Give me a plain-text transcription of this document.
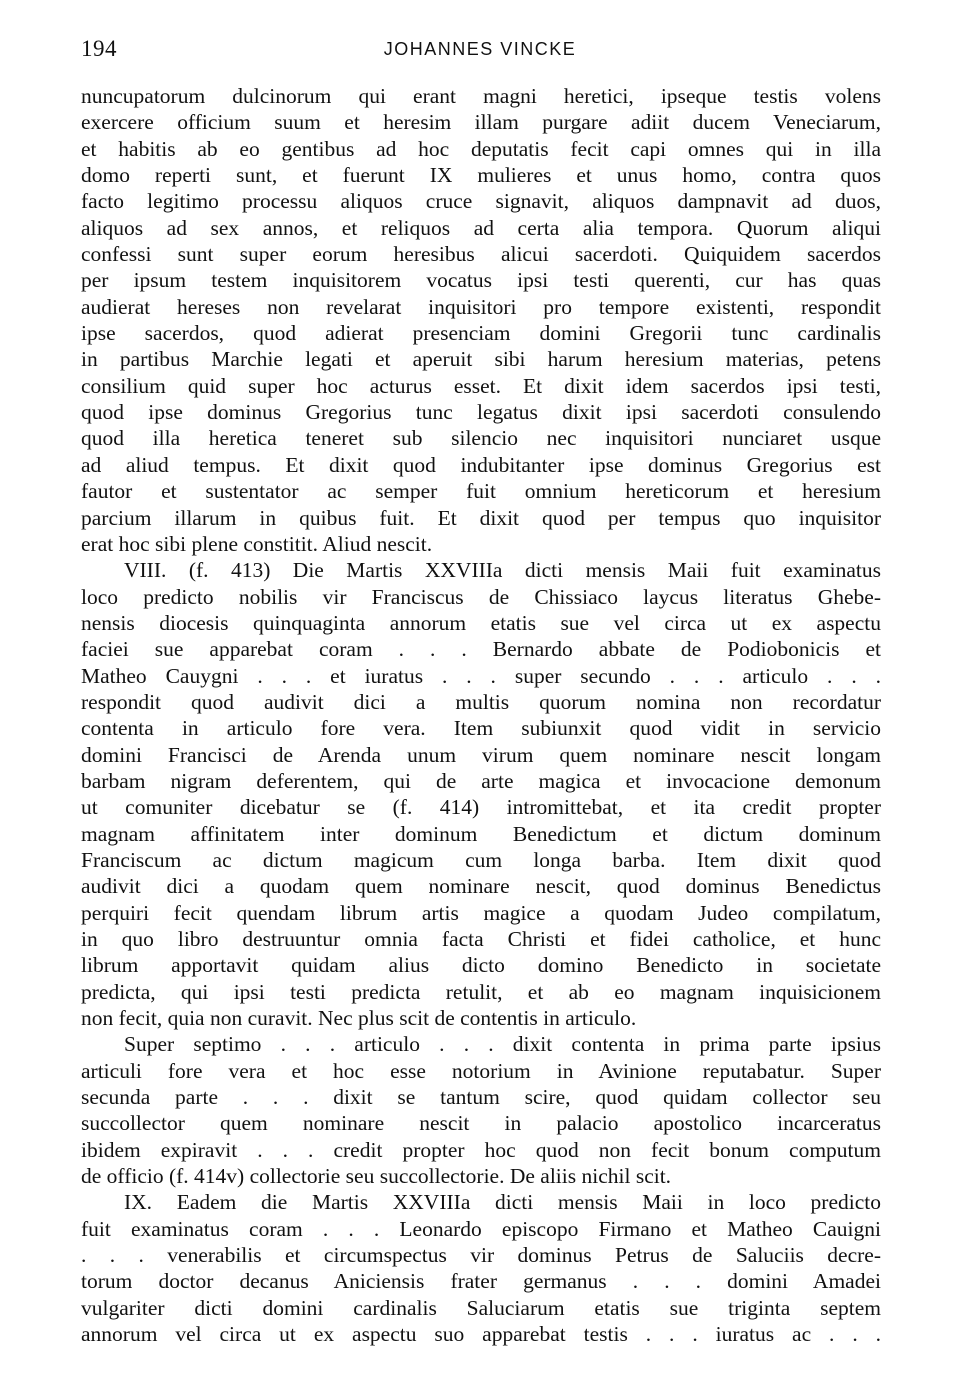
194	JOHANNES VINCKE
nuncupatorum dulcinorum qui erant magni heretici, ipseque testis volens
exercere officium suum et heresim illam purgare adiit ducem Veneciarum,
et habitis ab eo gentibus ad hoc deputatis fecit capi omnes qui in illa
domo reperti sunt, et fuerunt IX mulieres et unus homo, contra quos
facto legitimo processu aliquos cruce signavit, aliquos dampnavit ad duos,
aliquos ad sex annos, et reliquos ad certa alia tempora. Quorum aliqui
confessi sunt super eorum heresibus alicui sacerdoti. Quiquidem sacerdos
per ipsum testem inquisitorem vocatus ipsi testi querenti, cur has quas
audierat hereses non revelarat inquisitori pro tempore existenti, respondit
ipse sacerdos, quod adierat presenciam domini Gregorii tunc cardinalis
in partibus Marchie legati et aperuit sibi harum heresium materias, petens
consilium quid super hoc acturus esset. Et dixit idem sacerdos ipsi testi,
quod ipse dominus Gregorius tunc legatus dixit ipsi sacerdoti consulendo
quod illa heretica teneret sub silencio nec inquisitori nunciaret usque
ad aliud tempus. Et dixit quod indubitanter ipse dominus Gregorius est
fautor et sustentator ac semper fuit omnium hereticorum et heresium
parcium illarum in quibus fuit. Et dixit quod per tempus quo inquisitor
erat hoc sibi plene constitit. Aliud nescit.
  VIII. (f. 413) Die Martis XXVIIIa dicti mensis Maii fuit examinatus
loco predicto nobilis vir Franciscus de Chissiaco laycus literatus Ghebe-
nensis diocesis quinquaginta annorum etatis sue vel circa ut ex aspectu
faciei sue apparebat coram . . . Bernardo abbate de Podiobonicis et
Matheo Cauygni . . . et iuratus . . . super secundo . . . articulo . . .
respondit quod audivit dici a multis quorum nomina non recordatur
contenta in articulo fore vera. Item subiunxit quod vidit in servicio
domini Francisci de Arenda unum virum quem nominare nescit longam
barbam nigram deferentem, qui de arte magica et invocacione demonum
ut comuniter dicebatur se (f. 414) intromittebat, et ita credit propter
magnam affinitatem inter dominum Benedictum et dictum dominum
Franciscum ac dictum magicum cum longa barba. Item dixit quod
audivit dici a quodam quem nominare nescit, quod dominus Benedictus
perquiri fecit quendam librum artis magice a quodam Judeo compilatum,
in quo libro destruuntur omnia facta Christi et fidei catholice, et hunc
librum apportavit quidam alius dicto domino Benedicto in societate
predicta, qui ipsi testi predicta retulit, et ab eo magnam inquisicionem
non fecit, quia non curavit. Nec plus scit de contentis in articulo.
  Super septimo . . . articulo . . . dixit contenta in prima parte ipsius
articuli fore vera et hoc esse notorium in Avinione reputabatur. Super
secunda parte . . . dixit se tantum scire, quod quidam collector seu
succollector quem nominare nescit in palacio apostolico incarceratus
ibidem expiravit . . . credit propter hoc quod non fecit bonum computum
de officio (f. 414v) collectorie seu succollectorie. De aliis nichil scit.
  IX. Eadem die Martis XXVIIIa dicti mensis Maii in loco predicto
fuit examinatus coram . . . Leonardo episcopo Firmano et Matheo Cauigni
. . . venerabilis et circumspectus vir dominus Petrus de Saluciis decre-
torum doctor decanus Aniciensis frater germanus . . . domini Amadei
vulgariter dicti domini cardinalis Saluciarum etatis sue triginta septem
annorum vel circa ut ex aspectu suo apparebat testis . . . iuratus ac . . .
